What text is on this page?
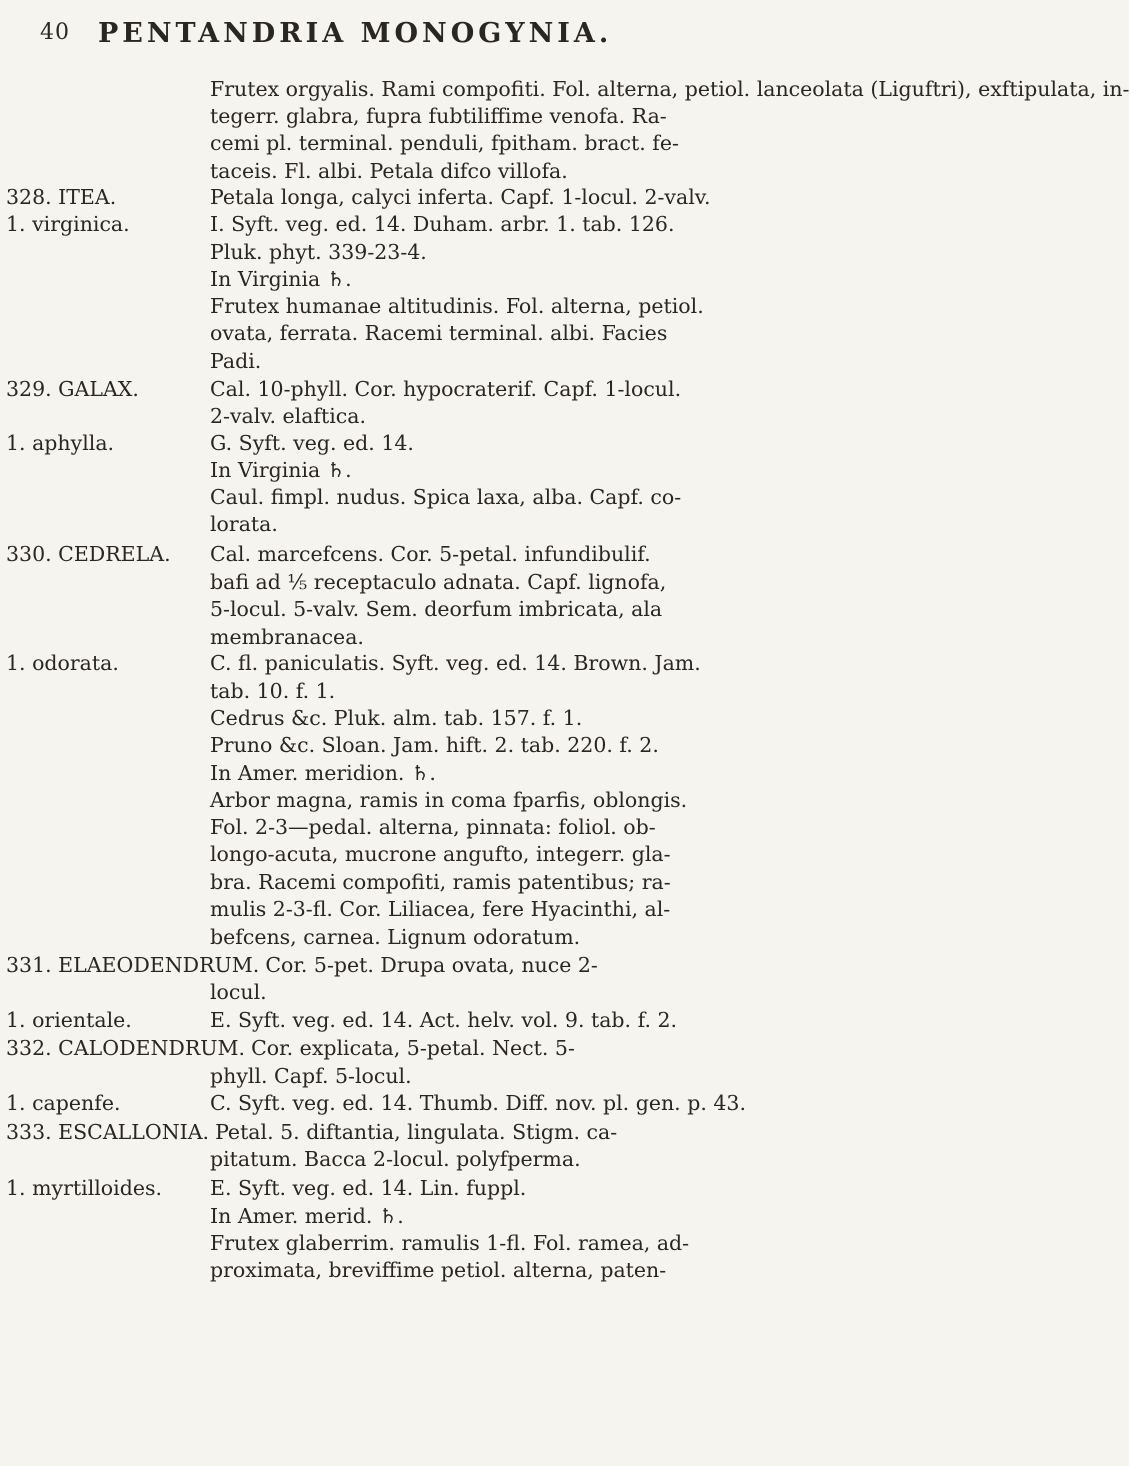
40 PENTANDRIA MONOGYNIA.
Frutex orgyalis. Rami compofiti. Fol. alterna, petiol. lanceolata (Liguftri), exftipulata, in-
tegerr. glabra, fupra fubtiliffime venofa. Ra-
cemi pl. terminal. penduli, fpitham. bract. fe-
taceis. Fl. albi. Petala difco villofa.
328. ITEA.	Petala longa, calyci inferta. Capf. 1-locul. 2-valv.
1. virginica.	I. Syft. veg. ed. 14. Duham. arbr. 1. tab. 126.
Pluk. phyt. 339-23-4.
In Virginia ♄.
Frutex humanae altitudinis. Fol. alterna, petiol.
ovata, ferrata. Racemi terminal. albi. Facies
Padi.
329. GALAX.	Cal. 10-phyll. Cor. hypocraterif. Capf. 1-locul.
2-valv. elaftica.
1. aphylla.	G. Syft. veg. ed. 14.
In Virginia ♄.
Caul. fimpl. nudus. Spica laxa, alba. Capf. co-
lorata.
330. CEDRELA.	Cal. marcefcens. Cor. 5-petal. infundibulif.
bafi ad ⅕ receptaculo adnata. Capf. lignofa,
5-locul. 5-valv. Sem. deorfum imbricata, ala
membranacea.
1. odorata.	C. fl. paniculatis. Syft. veg. ed. 14. Brown. Jam.
tab. 10. f. 1.
Cedrus &c. Pluk. alm. tab. 157. f. 1.
Pruno &c. Sloan. Jam. hift. 2. tab. 220. f. 2.
In Amer. meridion. ♄.
Arbor magna, ramis in coma fparfis, oblongis.
Fol. 2-3—pedal. alterna, pinnata: foliol. ob-
longo-acuta, mucrone angufto, integerr. gla-
bra. Racemi compofiti, ramis patentibus; ra-
mulis 2-3-fl. Cor. Liliacea, fere Hyacinthi, al-
befcens, carnea. Lignum odoratum.
331. ELAEODENDRUM. Cor. 5-pet. Drupa ovata, nuce 2-
locul.
1. orientale.	E. Syft. veg. ed. 14. Act. helv. vol. 9. tab. f. 2.
332. CALODENDRUM. Cor. explicata, 5-petal. Nect. 5-
phyll. Capf. 5-locul.
1. capenfe.	C. Syft. veg. ed. 14. Thumb. Diff. nov. pl. gen. p. 43.
333. ESCALLONIA. Petal. 5. diftantia, lingulata. Stigm. ca-
pitatum. Bacca 2-locul. polyfperma.
1. myrtilloides.	E. Syft. veg. ed. 14. Lin. fuppl.
In Amer. merid. ♄.
Frutex glaberrim. ramulis 1-fl. Fol. ramea, ad-
proximata, breviffime petiol. alterna, paten-
